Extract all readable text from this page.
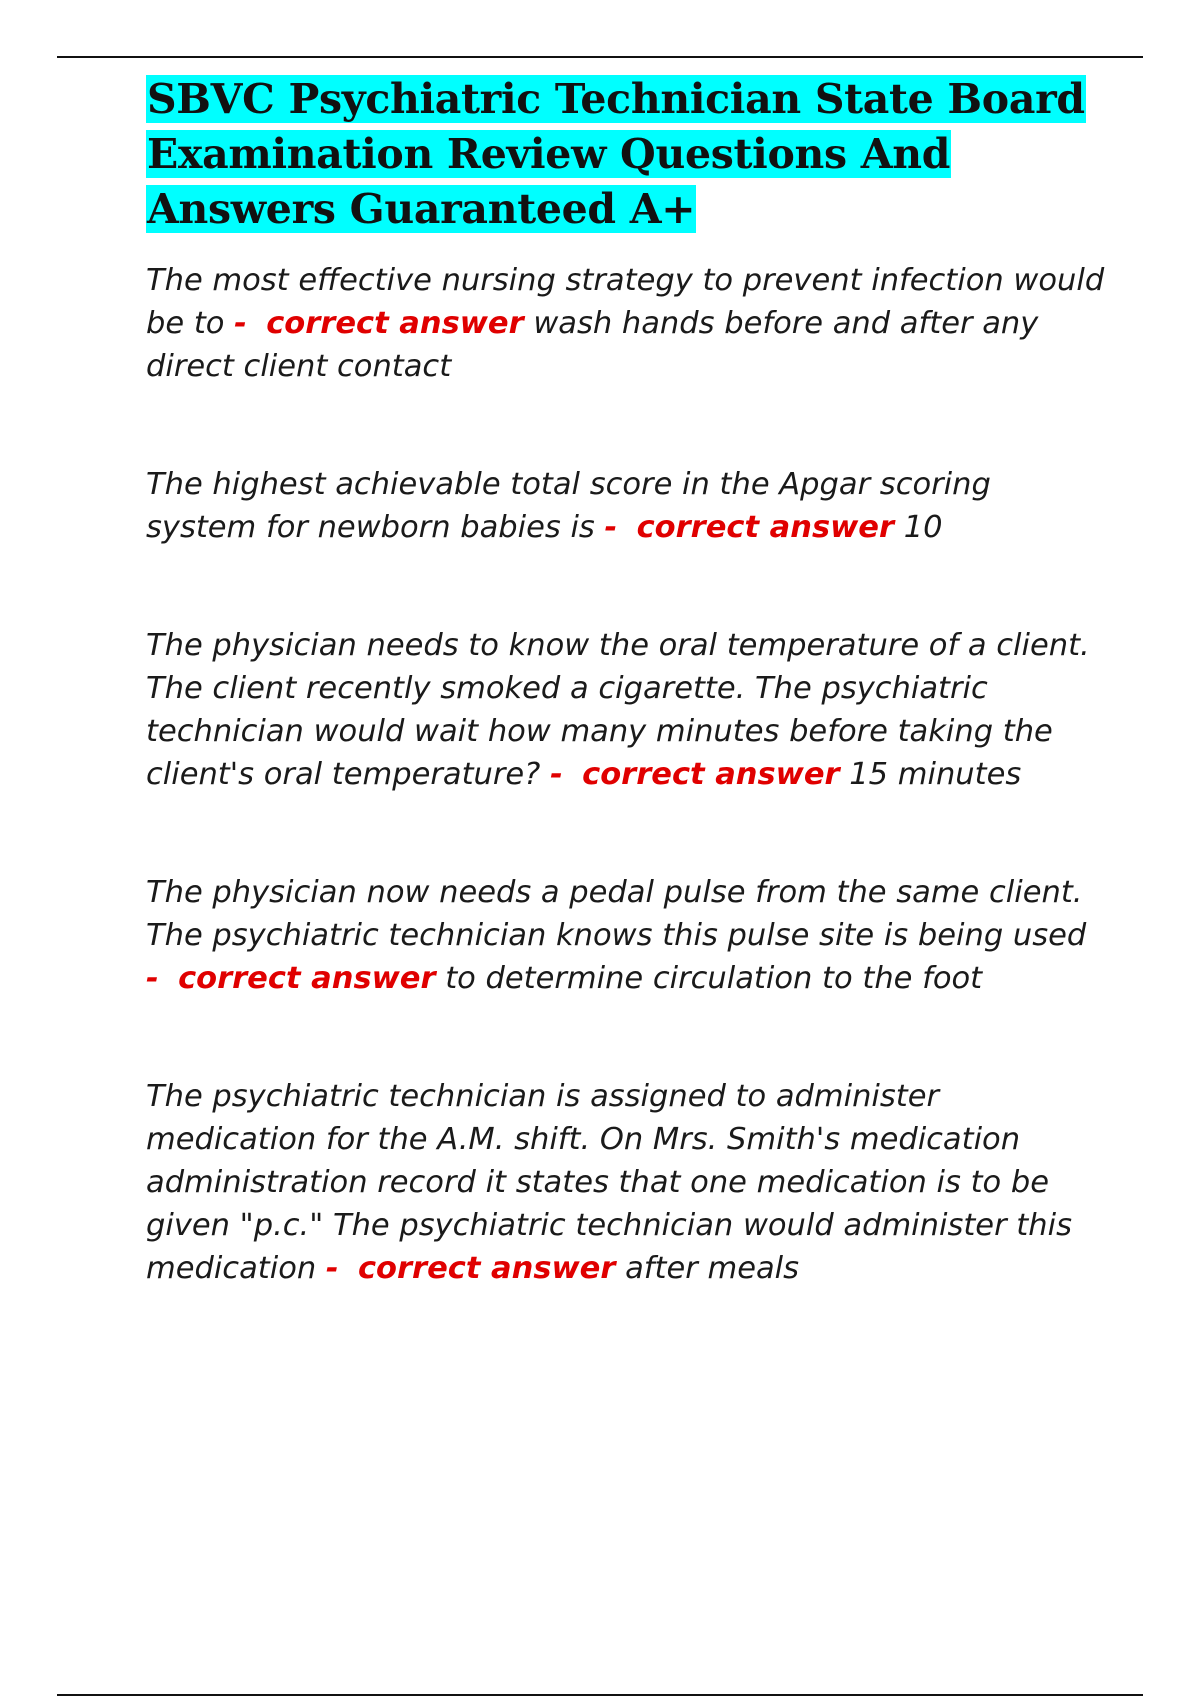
SBVC Psychiatric Technician State Board Examination Review Questions And Answers Guaranteed A+

The most effective nursing strategy to prevent infection would be to - correct answer wash hands before and after any direct client contact

The highest achievable total score in the Apgar scoring system for newborn babies is - correct answer 10

The physician needs to know the oral temperature of a client. The client recently smoked a cigarette. The psychiatric technician would wait how many minutes before taking the client's oral temperature? - correct answer 15 minutes

The physician now needs a pedal pulse from the same client. The psychiatric technician knows this pulse site is being used - correct answer to determine circulation to the foot

The psychiatric technician is assigned to administer medication for the A.M. shift. On Mrs. Smith's medication administration record it states that one medication is to be given "p.c." The psychiatric technician would administer this medication - correct answer after meals
